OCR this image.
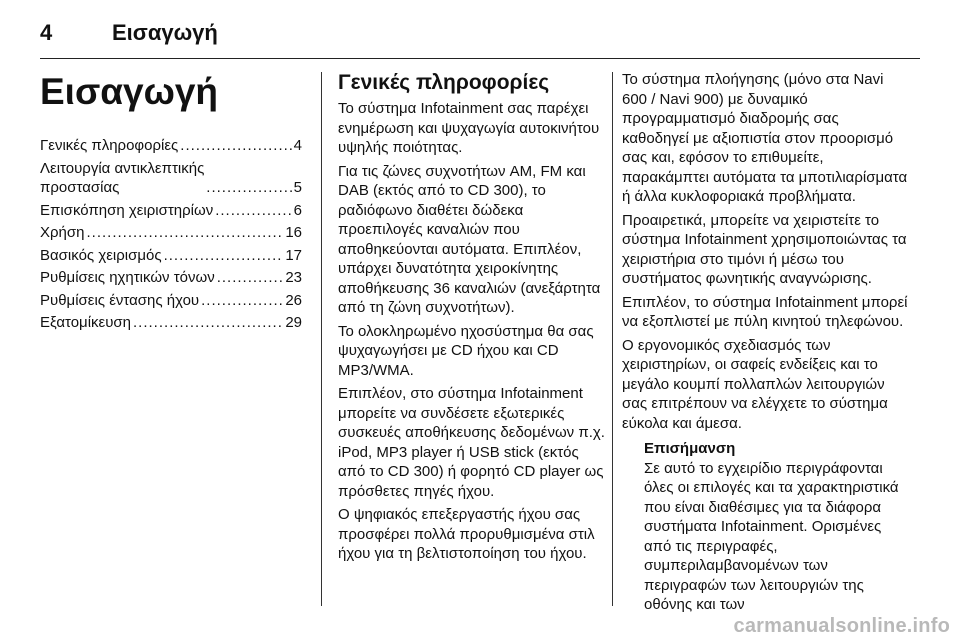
4	Εισαγωγή
Εισαγωγή
Γενικές πληροφορίες .....	4
Λειτουργία αντικλεπτικής
προστασίας .....	5
Επισκόπηση χειριστηρίων .....	6
Χρήση .....	16
Βασικός χειρισμός .....	17
Ρυθμίσεις ηχητικών τόνων .....	23
Ρυθμίσεις έντασης ήχου .....	26
Εξατομίκευση .....	29
Γενικές πληροφορίες

Το σύστημα Infotainment σας παρέχει ενημέρωση και ψυχαγωγία αυτοκινήτου υψηλής ποιότητας.

Για τις ζώνες συχνοτήτων AM, FM και DAB (εκτός από το CD 300), το ραδιόφωνο διαθέτει δώδεκα προεπιλογές καναλιών που αποθηκεύονται αυτόματα. Επιπλέον, υπάρχει δυνατότητα χειροκίνητης αποθήκευσης 36 καναλιών (ανεξάρτητα από τη ζώνη συχνοτήτων).

Το ολοκληρωμένο ηχοσύστημα θα σας ψυχαγωγήσει με CD ήχου και CD MP3/WMA.

Επιπλέον, στο σύστημα Infotainment μπορείτε να συνδέσετε εξωτερικές συσκευές αποθήκευσης δεδομένων π.χ. iPod, MP3 player ή USB stick (εκτός από το CD 300) ή φορητό CD player ως πρόσθετες πηγές ήχου.

Ο ψηφιακός επεξεργαστής ήχου σας προσφέρει πολλά προρυθμισμένα στιλ ήχου για τη βελτιστοποίηση του ήχου.

Το σύστημα πλοήγησης (μόνο στα Navi 600 / Navi 900) με δυναμικό προγραμματισμό διαδρομής σας καθοδηγεί με αξιοπιστία στον προορισμό σας και, εφόσον το επιθυμείτε, παρακάμπτει αυτόματα τα μποτιλιαρίσματα ή άλλα κυκλοφοριακά προβλήματα.

Προαιρετικά, μπορείτε να χειριστείτε το σύστημα Infotainment χρησιμοποιώντας τα χειριστήρια στο τιμόνι ή μέσω του συστήματος φωνητικής αναγνώρισης.

Επιπλέον, το σύστημα Infotainment μπορεί να εξοπλιστεί με πύλη κινητού τηλεφώνου.

Ο εργονομικός σχεδιασμός των χειριστηρίων, οι σαφείς ενδείξεις και το μεγάλο κουμπί πολλαπλών λειτουργιών σας επιτρέπουν να ελέγχετε το σύστημα εύκολα και άμεσα.

Επισήμανση
Σε αυτό το εγχειρίδιο περιγράφονται όλες οι επιλογές και τα χαρακτηριστικά που είναι διαθέσιμες για τα διάφορα συστήματα Infotainment. Ορισμένες από τις περιγραφές, συμπεριλαμβανομένων των περιγραφών των λειτουργιών της οθόνης και των
carmanualsonline.info
